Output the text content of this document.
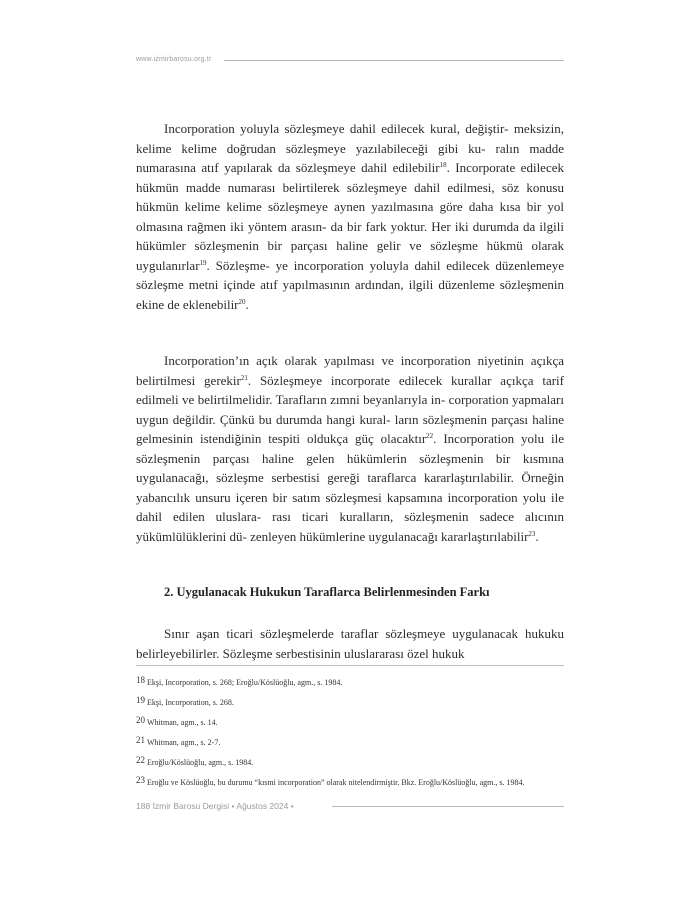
www.izmirbarosu.org.tr

Incorporation yoluyla sözleşmeye dahil edilecek kural, değiştir- meksizin, kelime kelime doğrudan sözleşmeye yazılabileceği gibi ku- ralın madde numarasına atıf yapılarak da sözleşmeye dahil edilebilir$^{18}$. Incorporate edilecek hükmün madde numarası belirtilerek sözleşmeye dahil edilmesi, söz konusu hükmün kelime kelime sözleşmeye aynen yazılmasına göre daha kısa bir yol olmasına rağmen iki yöntem arasın- da bir fark yoktur. Her iki durumda da ilgili hükümler sözleşmenin bir parçası haline gelir ve sözleşme hükmü olarak uygulanırlar$^{19}$. Sözleşme- ye incorporation yoluyla dahil edilecek düzenlemeye sözleşme metni içinde atıf yapılmasının ardından, ilgili düzenleme sözleşmenin ekine de eklenebilir$^{20}$.

Incorporation’ın açık olarak yapılması ve incorporation niyetinin açıkça belirtilmesi gerekir$^{21}$. Sözleşmeye incorporate edilecek kurallar açıkça tarif edilmeli ve belirtilmelidir. Tarafların zımni beyanlarıyla in- corporation yapmaları uygun değildir. Çünkü bu durumda hangi kural- ların sözleşmenin parçası haline gelmesinin istendiğinin tespiti oldukça güç olacaktır$^{22}$. Incorporation yolu ile sözleşmenin parçası haline gelen hükümlerin sözleşmenin bir kısmına uygulanacağı, sözleşme serbestisi gereği taraflarca kararlaştırılabilir. Örneğin yabancılık unsuru içeren bir satım sözleşmesi kapsamına incorporation yolu ile dahil edilen uluslara- rası ticari kuralların, sözleşmenin sadece alıcının yükümlülüklerini dü- zenleyen hükümlerine uygulanacağı kararlaştırılabilir$^{23}$.

2. Uygulanacak Hukukun Taraflarca Belirlenmesinden Farkı

Sınır aşan ticari sözleşmelerde taraflar sözleşmeye uygulanacak hukuku belirleyebilirler. Sözleşme serbestisinin uluslararası özel hukuk

18 Ekşi, Incorporation, s. 268; Eroğlu/Köslüoğlu, agm., s. 1984.
19 Ekşi, Incorporation, s. 268.
20 Whitman, agm., s. 14.
21 Whitman, agm., s. 2-7.
22 Eroğlu/Köslüoğlu, agm., s. 1984.
23 Eroğlu ve Köslüoğlu, bu durumu “kısmi incorporation” olarak nitelendirmiştir. Bkz. Eroğlu/Köslüoğlu, agm., s. 1984.
188 İzmir Barosu Dergisi • Ağustos 2024 •
